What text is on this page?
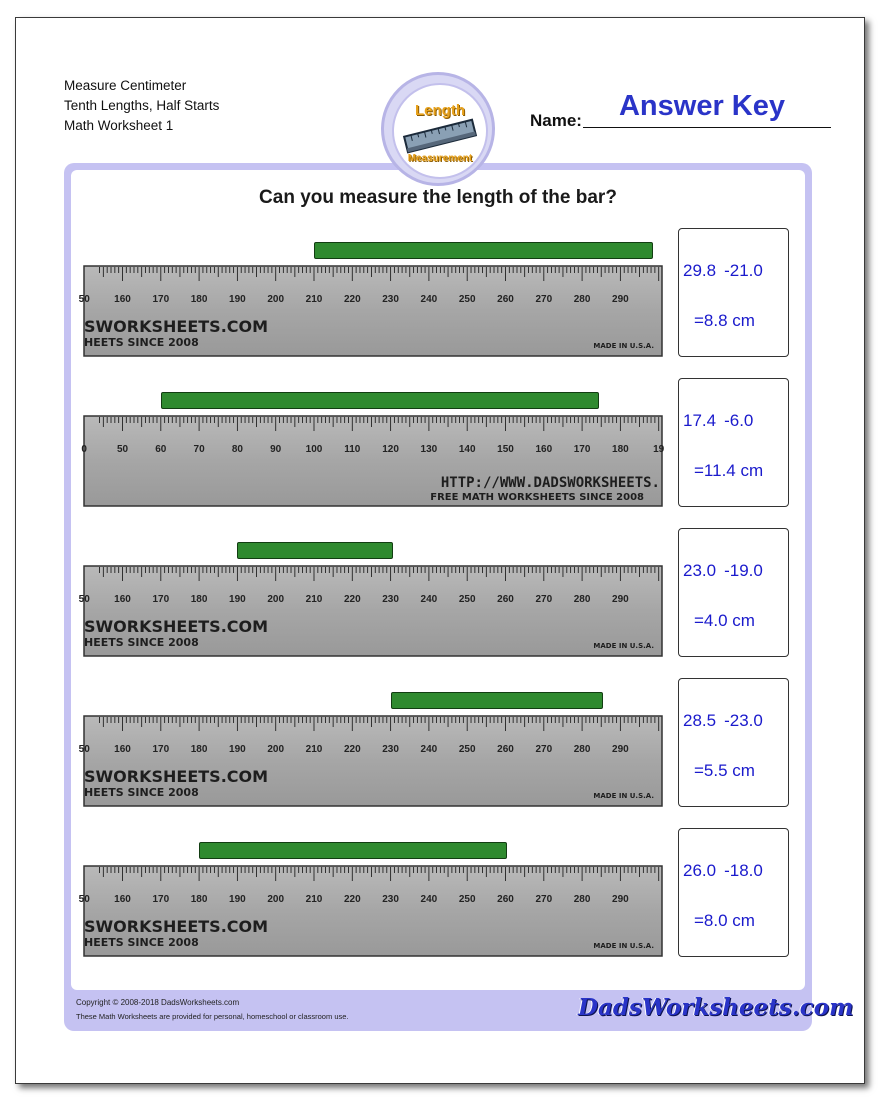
Measure Centimeter
Tenth Lengths, Half Starts
Math Worksheet 1
Length
Measurement
Name:	Answer Key
Can you measure the length of the bar?
50 160 170 180 190 200 210 220 230 240 250 260 270 280 290
SWORKSHEETS.COM
HEETS SINCE 2008	MADE IN U.S.A.
29.8 -21.0
=8.8 cm
0	50	60	70	80	90 100 110 120 130 140 150 160 170 180 19
HTTP://WWW.DADSWORKSHEETS.
FREE MATH WORKSHEETS SINCE 2008
17.4 -6.0
=11.4 cm
50 160 170 180 190 200 210 220 230 240 250 260 270 280 290
SWORKSHEETS.COM
HEETS SINCE 2008	MADE IN U.S.A.
23.0 -19.0
=4.0 cm
50 160 170 180 190 200 210 220 230 240 250 260 270 280 290
SWORKSHEETS.COM
HEETS SINCE 2008	MADE IN U.S.A.
28.5 -23.0
=5.5 cm
50 160 170 180 190 200 210 220 230 240 250 260 270 280 290
SWORKSHEETS.COM
HEETS SINCE 2008	MADE IN U.S.A.
26.0 -18.0
=8.0 cm
Copyright © 2008-2018 DadsWorksheets.com
These Math Worksheets are provided for personal, homeschool or classroom use.	DadsWorksheets.com
